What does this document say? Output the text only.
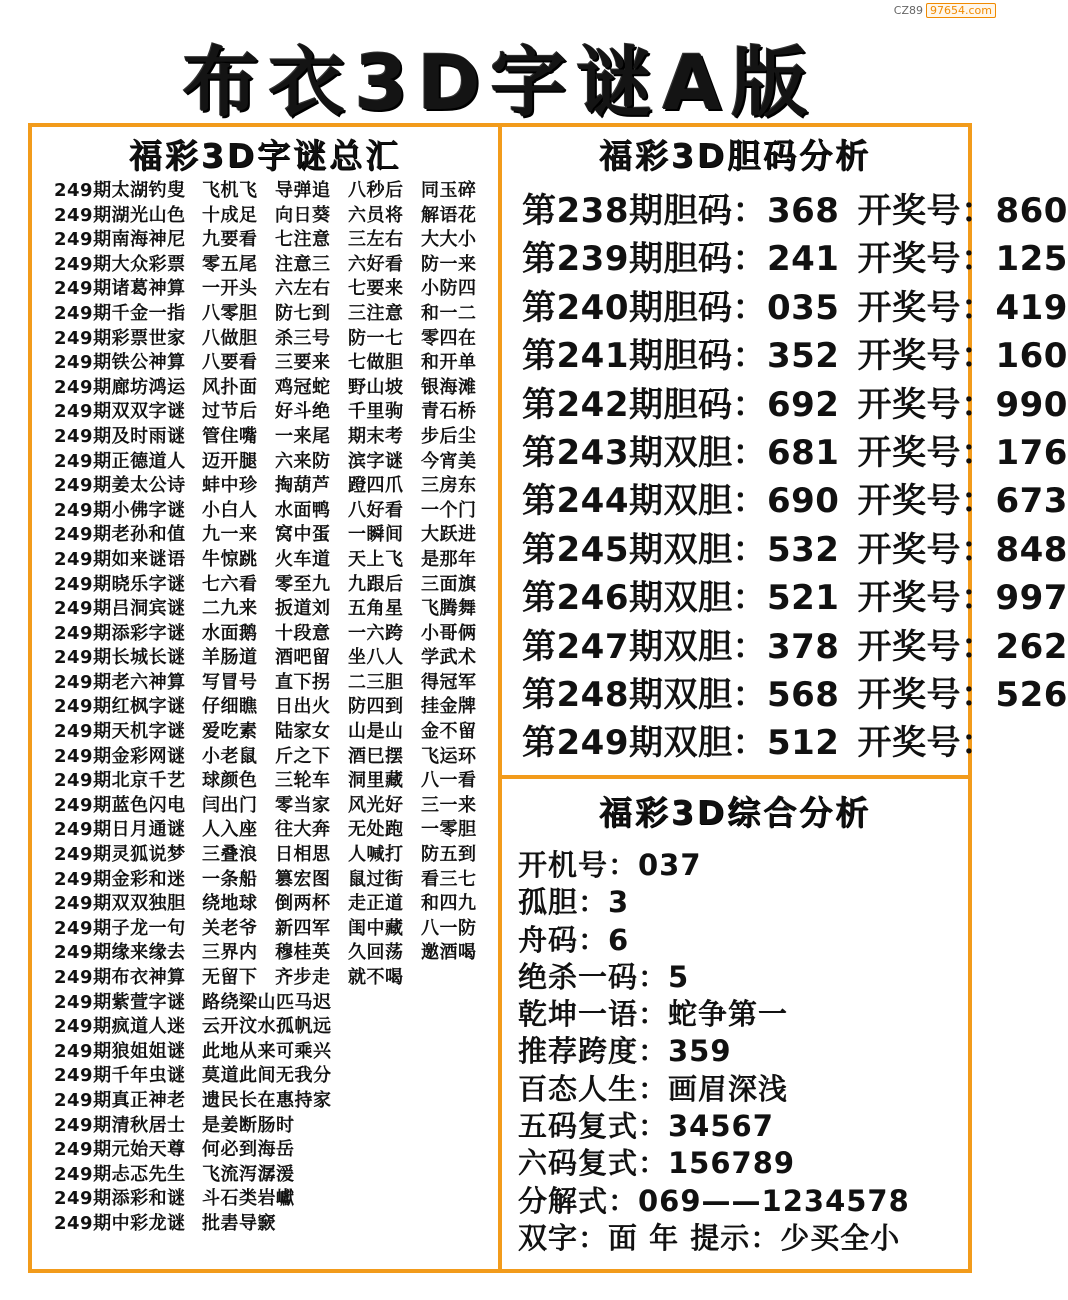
CZ89 97654.com
布衣3D字谜A版
福彩3D字谜总汇
249期太湖钓叟 飞机飞 导弹追 八秒后 同玉碎
249期湖光山色 十成足 向日葵 六员将 解语花
249期南海神尼 九要看 七注意 三左右 大大小
249期大众彩票 零五尾 注意三 六好看 防一来
249期诸葛神算 一开头 六左右 七要来 小防四
249期千金一指 八零胆 防七到 三注意 和一二
249期彩票世家 八做胆 杀三号 防一七 零四在
249期铁公神算 八要看 三要来 七做胆 和开单
249期廊坊鸿运 风扑面 鸡冠蛇 野山坡 银海滩
249期双双字谜 过节后 好斗绝 千里驹 青石桥
249期及时雨谜 管住嘴 一来尾 期末考 步后尘
249期正德道人 迈开腿 六来防 滨字谜 今宵美
249期姜太公诗 蚌中珍 掏葫芦 蹬四爪 三房东
249期小佛字谜 小白人 水面鸭 八好看 一个门
249期老孙和值 九一来 窝中蛋 一瞬间 大跃进
249期如来谜语 牛惊跳 火车道 天上飞 是那年
249期晓乐字谜 七六看 零至九 九跟后 三面旗
249期吕洞宾谜 二九来 扳道刘 五角星 飞腾舞
249期添彩字谜 水面鹅 十段意 一六跨 小哥俩
249期长城长谜 羊肠道 酒吧留 坐八人 学武术
249期老六神算 写冒号 直下拐 二三胆 得冠军
249期红枫字谜 仔细瞧 日出火 防四到 挂金牌
249期天机字谜 爱吃素 陆家女 山是山 金不留
249期金彩网谜 小老鼠 斤之下 酒巳摆 飞运环
249期北京千艺 球颜色 三轮车 洞里藏 八一看
249期蓝色闪电 闫出门 零当家 风光好 三一来
249期日月通谜 人入座 往大奔 无处跑 一零胆
249期灵狐说梦 三叠浪 日相思 人喊打 防五到
249期金彩和迷 一条船 篡宏图 鼠过街 看三七
249期双双独胆 绕地球 倒两杯 走正道 和四九
249期子龙一句 关老爷 新四军 闺中藏 八一防
249期缘来缘去 三界内 穆桂英 久回荡 邀酒喝
249期布衣神算 无留下 齐步走 就不喝
249期紫萱字谜 路绕梁山匹马迟
249期疯道人迷 云开汶水孤帆远
249期狼姐姐谜 此地从来可乘兴
249期千年虫谜 莫道此间无我分
249期真正神老 遗民长在惠持家
249期清秋居士 是姜断肠时
249期元始天尊 何必到海岳
249期忐忑先生 飞流泻潺湲
249期添彩和谜 斗石类岩巘
249期中彩龙谜 批砉导窾
福彩3D胆码分析
第238期胆码：368 开奖号：860
第239期胆码：241 开奖号：125
第240期胆码：035 开奖号：419
第241期胆码：352 开奖号：160
第242期胆码：692 开奖号：990
第243期双胆：681 开奖号：176
第244期双胆：690 开奖号：673
第245期双胆：532 开奖号：848
第246期双胆：521 开奖号：997
第247期双胆：378 开奖号：262
第248期双胆：568 开奖号：526
第249期双胆：512 开奖号：
福彩3D综合分析
开机号：037
孤胆：3
舟码：6
绝杀一码：5
乾坤一语：蛇争第一
推荐跨度：359
百态人生：画眉深浅
五码复式：34567
六码复式：156789
分解式：069——1234578
双字：面 年 提示：少买全小
